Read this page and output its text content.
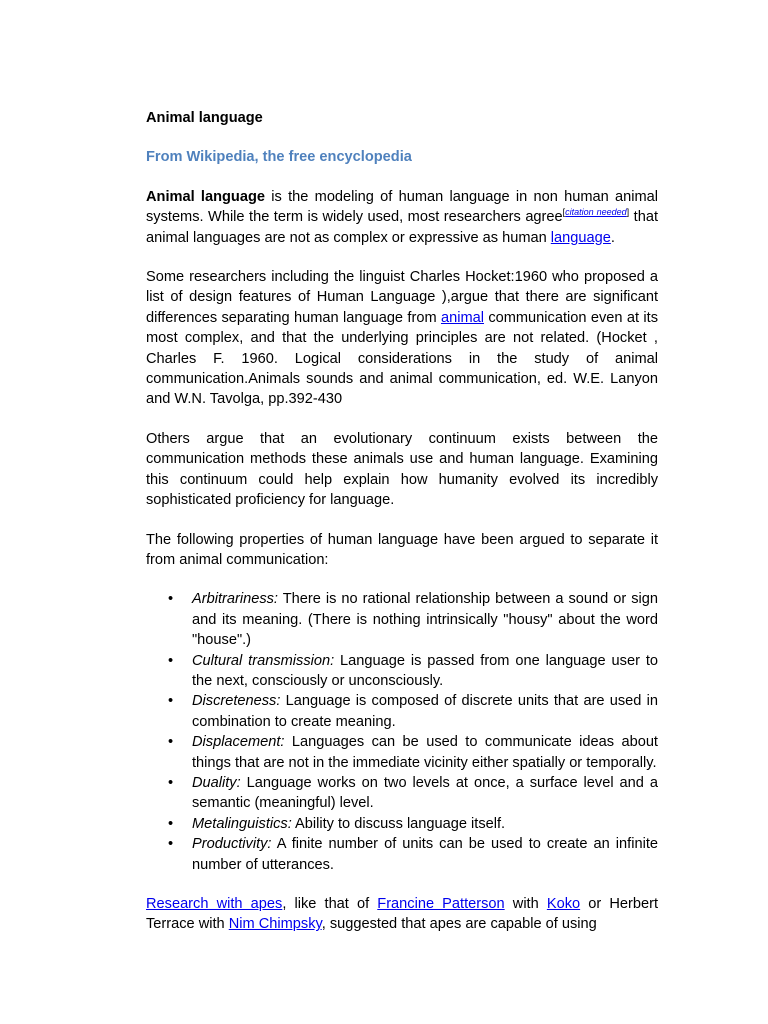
Animal language
From Wikipedia, the free encyclopedia

Animal language is the modeling of human language in non human animal systems. While the term is widely used, most researchers agree[citation needed] that animal languages are not as complex or expressive as human language.

Some researchers including the linguist Charles Hocket:1960 who proposed a list of design features of Human Language ),argue that there are significant differences separating human language from animal communication even at its most complex, and that the underlying principles are not related. (Hocket , Charles F. 1960. Logical considerations in the study of animal communication.Animals sounds and animal communication, ed. W.E. Lanyon and W.N. Tavolga, pp.392-430

Others argue that an evolutionary continuum exists between the communication methods these animals use and human language. Examining this continuum could help explain how humanity evolved its incredibly sophisticated proficiency for language.

The following properties of human language have been argued to separate it from animal communication:

• Arbitrariness: There is no rational relationship between a sound or sign and its meaning. (There is nothing intrinsically "housy" about the word "house".)
• Cultural transmission: Language is passed from one language user to the next, consciously or unconsciously.
• Discreteness: Language is composed of discrete units that are used in combination to create meaning.
• Displacement: Languages can be used to communicate ideas about things that are not in the immediate vicinity either spatially or temporally.
• Duality: Language works on two levels at once, a surface level and a semantic (meaningful) level.
• Metalinguistics: Ability to discuss language itself.
• Productivity: A finite number of units can be used to create an infinite number of utterances.

Research with apes, like that of Francine Patterson with Koko or Herbert Terrace with Nim Chimpsky, suggested that apes are capable of using
